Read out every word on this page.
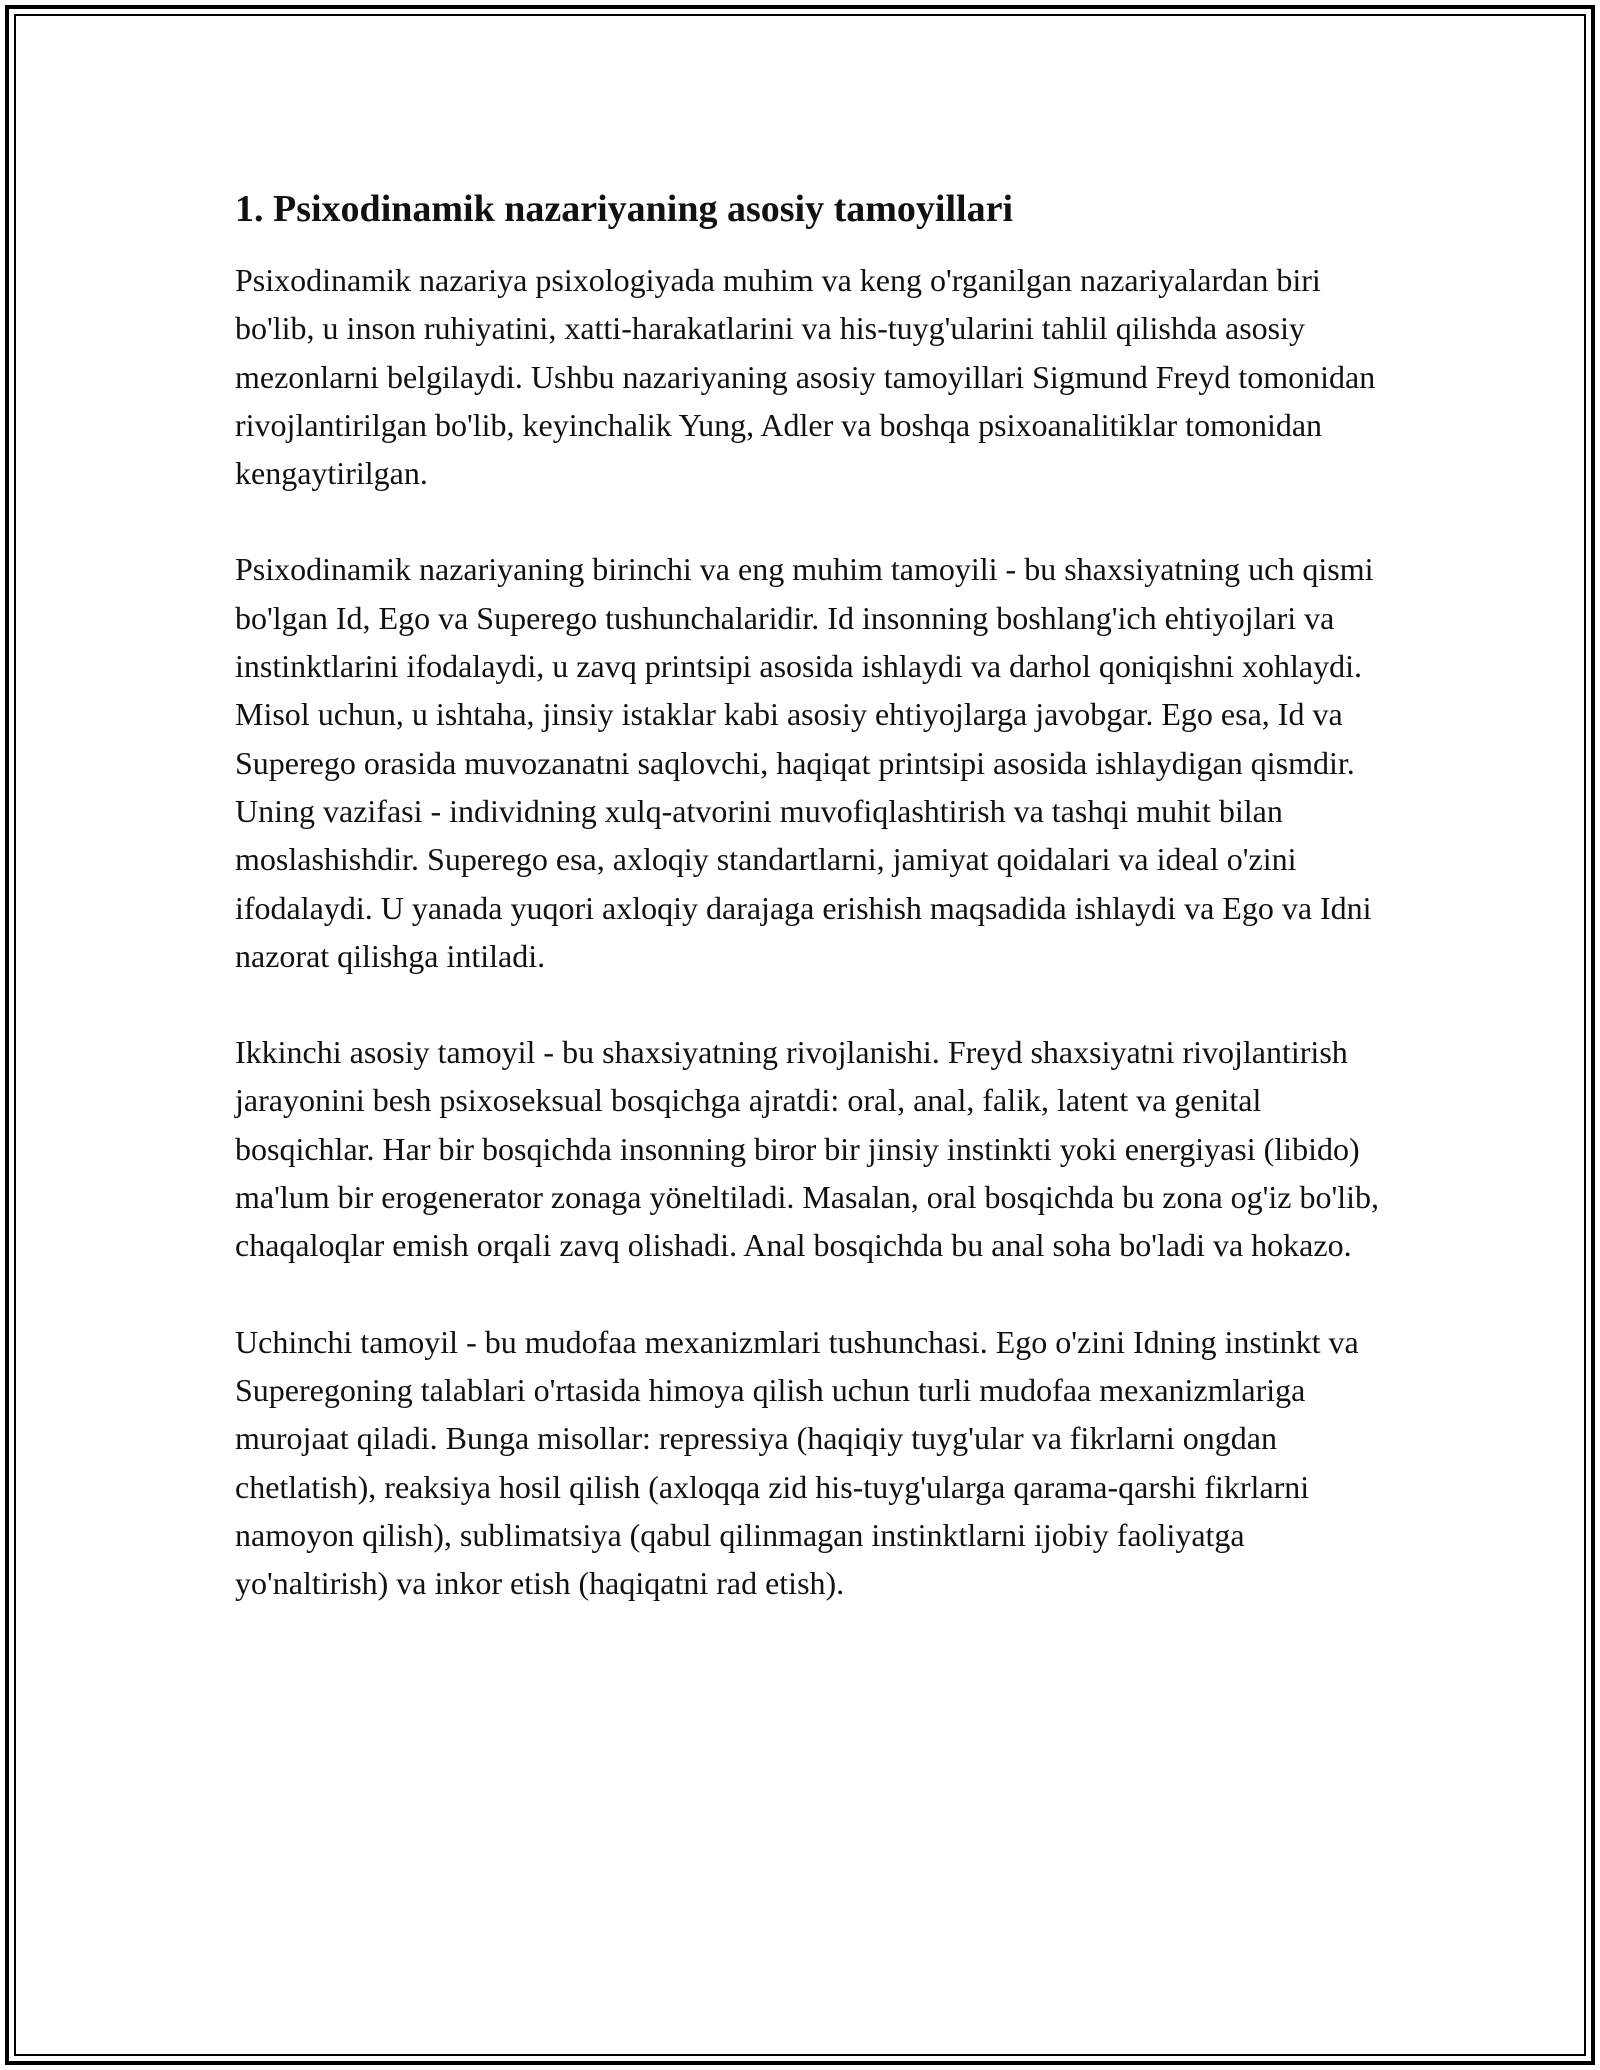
1. Psixodinamik nazariyaning asosiy tamoyillari

Psixodinamik nazariya psixologiyada muhim va keng o'rganilgan nazariyalardan biri bo'lib, u inson ruhiyatini, xatti-harakatlarini va his-tuyg'ularini tahlil qilishda asosiy mezonlarni belgilaydi. Ushbu nazariyaning asosiy tamoyillari Sigmund Freyd tomonidan rivojlantirilgan bo'lib, keyinchalik Yung, Adler va boshqa psixoanalitiklar tomonidan kengaytirilgan.

Psixodinamik nazariyaning birinchi va eng muhim tamoyili - bu shaxsiyatning uch qismi bo'lgan Id, Ego va Superego tushunchalaridir. Id insonning boshlang'ich ehtiyojlari va instinktlarini ifodalaydi, u zavq printsipi asosida ishlaydi va darhol qoniqishni xohlaydi. Misol uchun, u ishtaha, jinsiy istaklar kabi asosiy ehtiyojlarga javobgar. Ego esa, Id va Superego orasida muvozanatni saqlovchi, haqiqat printsipi asosida ishlaydigan qismdir. Uning vazifasi - individning xulq-atvorini muvofiqlashtirish va tashqi muhit bilan moslashishdir. Superego esa, axloqiy standartlarni, jamiyat qoidalari va ideal o'zini ifodalaydi. U yanada yuqori axloqiy darajaga erishish maqsadida ishlaydi va Ego va Idni nazorat qilishga intiladi.

Ikkinchi asosiy tamoyil - bu shaxsiyatning rivojlanishi. Freyd shaxsiyatni rivojlantirish jarayonini besh psixoseksual bosqichga ajratdi: oral, anal, falik, latent va genital bosqichlar. Har bir bosqichda insonning biror bir jinsiy instinkti yoki energiyasi (libido) ma'lum bir erogenerator zonaga yöneltiladi. Masalan, oral bosqichda bu zona og'iz bo'lib, chaqaloqlar emish orqali zavq olishadi. Anal bosqichda bu anal soha bo'ladi va hokazo.

Uchinchi tamoyil - bu mudofaa mexanizmlari tushunchasi. Ego o'zini Idning instinkt va Superegoning talablari o'rtasida himoya qilish uchun turli mudofaa mexanizmlariga murojaat qiladi. Bunga misollar: repressiya (haqiqiy tuyg'ular va fikrlarni ongdan chetlatish), reaksiya hosil qilish (axloqqa zid his-tuyg'ularga qarama-qarshi fikrlarni namoyon qilish), sublimatsiya (qabul qilinmagan instinktlarni ijobiy faoliyatga yo'naltirish) va inkor etish (haqiqatni rad etish).
